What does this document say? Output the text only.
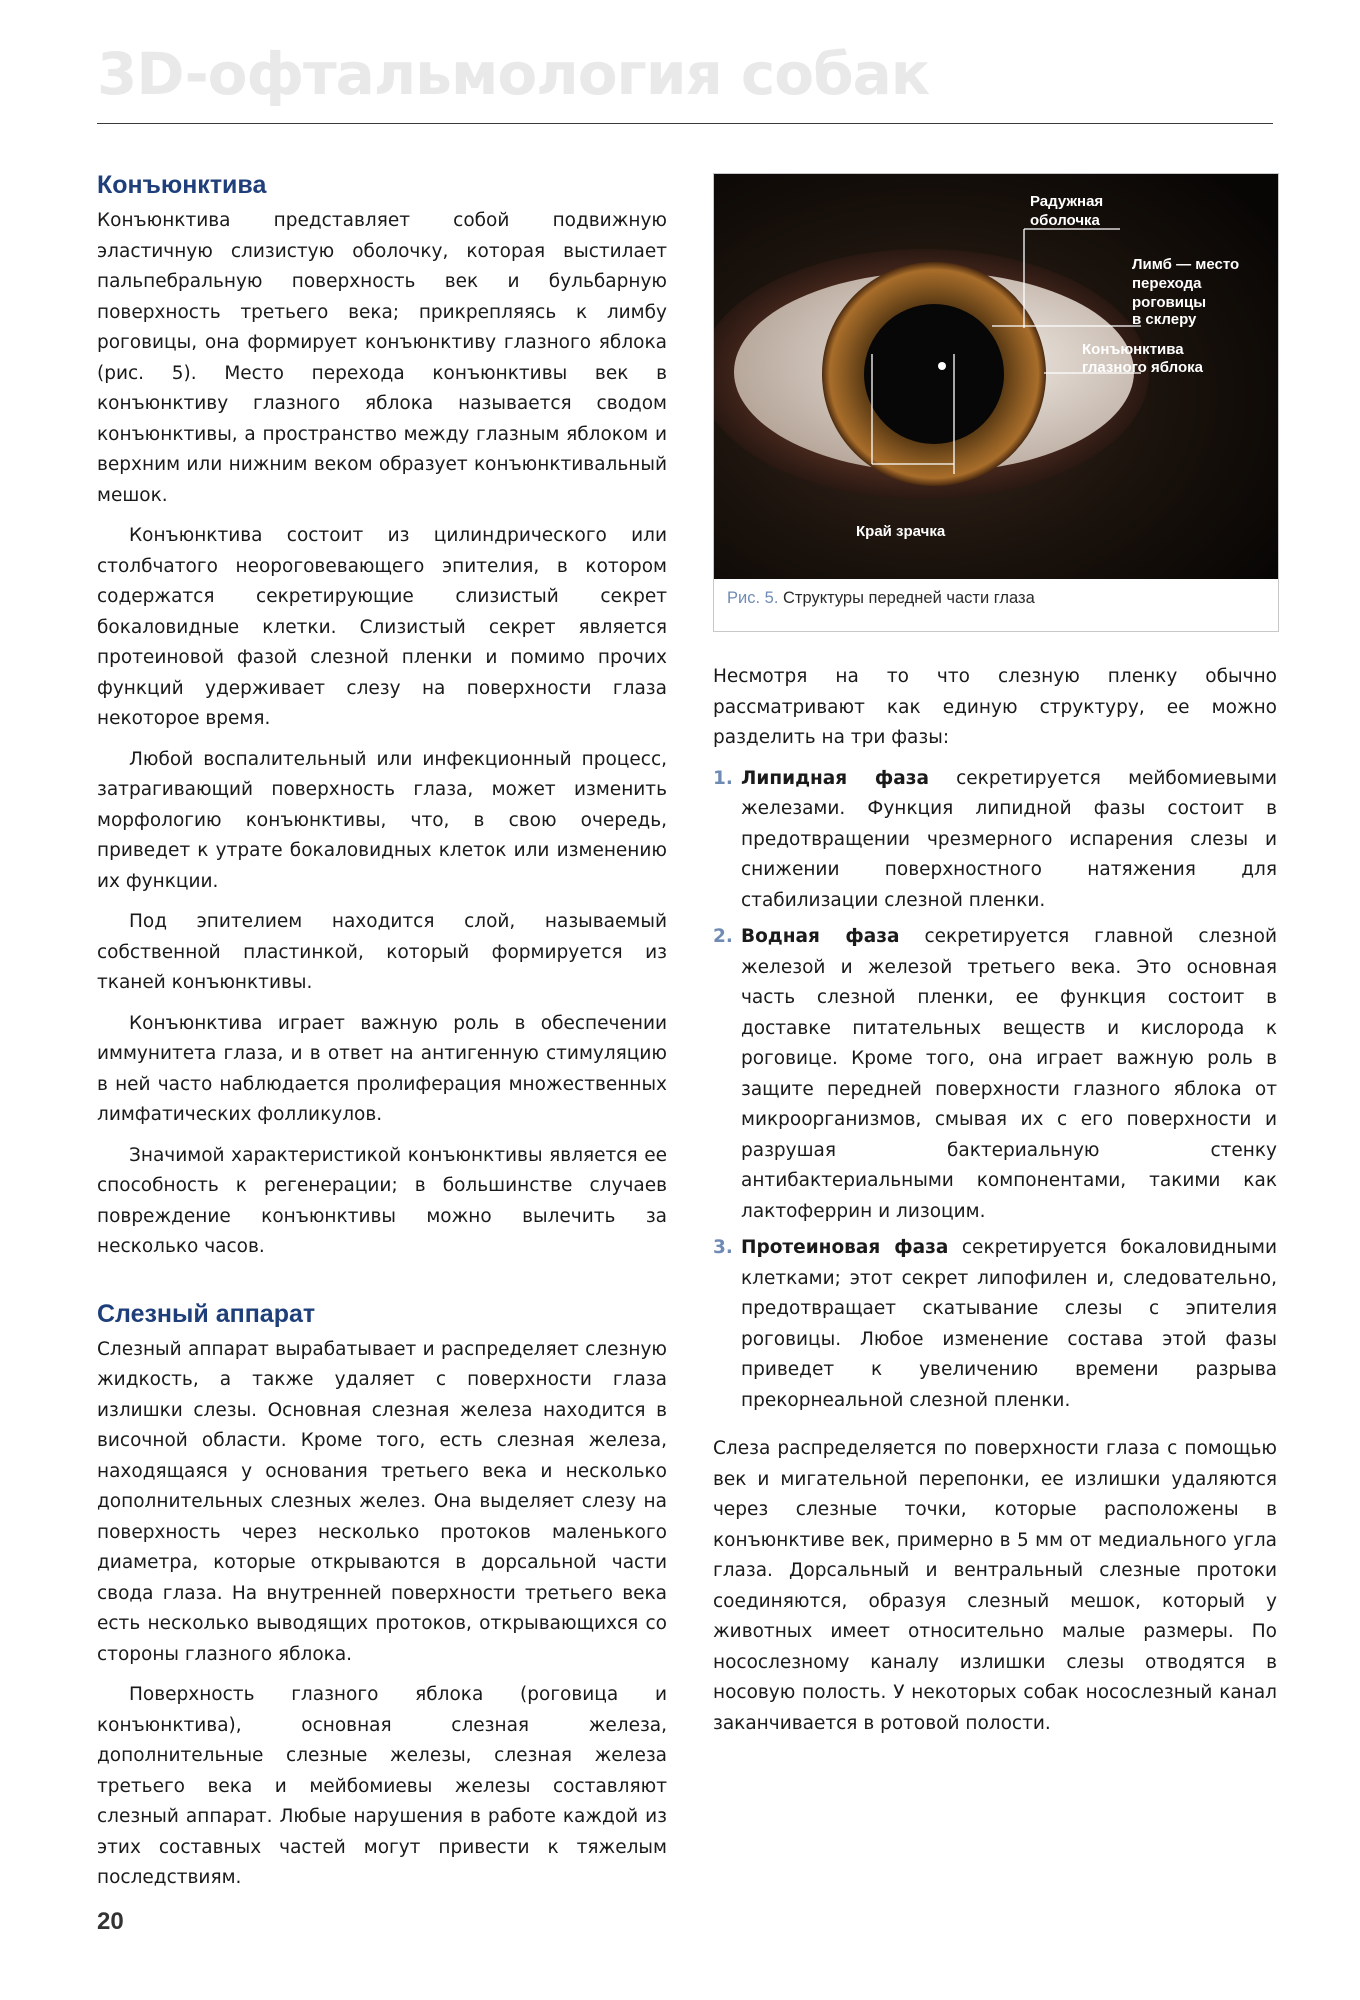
3D-офтальмология собак
Конъюнктива

Конъюнктива представляет собой подвижную эластичную слизистую оболочку, которая выстилает пальпебральную поверхность век и бульбарную поверхность третьего века; прикрепляясь к лимбу роговицы, она формирует конъюнктиву глазного яблока (рис. 5). Место перехода конъюнктивы век в конъюнктиву глазного яблока называется сводом конъюнктивы, а пространство между глазным яблоком и верхним или нижним веком образует конъюнктивальный мешок.

Конъюнктива состоит из цилиндрического или столбчатого неороговевающего эпителия, в котором содержатся секретирующие слизистый секрет бокаловидные клетки. Слизистый секрет является протеиновой фазой слезной пленки и помимо прочих функций удерживает слезу на поверхности глаза некоторое время.

Любой воспалительный или инфекционный процесс, затрагивающий поверхность глаза, может изменить морфологию конъюнктивы, что, в свою очередь, приведет к утрате бокаловидных клеток или изменению их функции.

Под эпителием находится слой, называемый собственной пластинкой, который формируется из тканей конъюнктивы.

Конъюнктива играет важную роль в обеспечении иммунитета глаза, и в ответ на антигенную стимуляцию в ней часто наблюдается пролиферация множественных лимфатических фолликулов.

Значимой характеристикой конъюнктивы является ее способность к регенерации; в большинстве случаев повреждение конъюнктивы можно вылечить за несколько часов.

Слезный аппарат

Слезный аппарат вырабатывает и распределяет слезную жидкость, а также удаляет с поверхности глаза излишки слезы. Основная слезная железа находится в височной области. Кроме того, есть слезная железа, находящаяся у основания третьего века и несколько дополнительных слезных желез. Она выделяет слезу на поверхность через несколько протоков маленького диаметра, которые открываются в дорсальной части свода глаза. На внутренней поверхности третьего века есть несколько выводящих протоков, открывающихся со стороны глазного яблока.

Поверхность глазного яблока (роговица и конъюнктива), основная слезная железа, дополнительные слезные железы, слезная железа третьего века и мейбомиевы железы составляют слезный аппарат. Любые нарушения в работе каждой из этих составных частей могут привести к тяжелым последствиям.

Радужная
оболочка
Лимб — место
перехода
роговицы
в склеру
Конъюнктива
глазного яблока
Край зрачка
Рис. 5. Структуры передней части глаза

Несмотря на то что слезную пленку обычно рассматривают как единую структуру, ее можно разделить на три фазы:

1. Липидная фаза секретируется мейбомиевыми железами. Функция липидной фазы состоит в предотвращении чрезмерного испарения слезы и снижении поверхностного натяжения для стабилизации слезной пленки.
2. Водная фаза секретируется главной слезной железой и железой третьего века. Это основная часть слезной пленки, ее функция состоит в доставке питательных веществ и кислорода к роговице. Кроме того, она играет важную роль в защите передней поверхности глазного яблока от микроорганизмов, смывая их с его поверхности и разрушая бактериальную стенку антибактериальными компонентами, такими как лактоферрин и лизоцим.
3. Протеиновая фаза секретируется бокаловидными клетками; этот секрет липофилен и, следовательно, предотвращает скатывание слезы с эпителия роговицы. Любое изменение состава этой фазы приведет к увеличению времени разрыва прекорнеальной слезной пленки.

Слеза распределяется по поверхности глаза с помощью век и мигательной перепонки, ее излишки удаляются через слезные точки, которые расположены в конъюнктиве век, примерно в 5 мм от медиального угла глаза. Дорсальный и вентральный слезные протоки соединяются, образуя слезный мешок, который у животных имеет относительно малые размеры. По носослезному каналу излишки слезы отводятся в носовую полость. У некоторых собак носослезный канал заканчивается в ротовой полости.

20
